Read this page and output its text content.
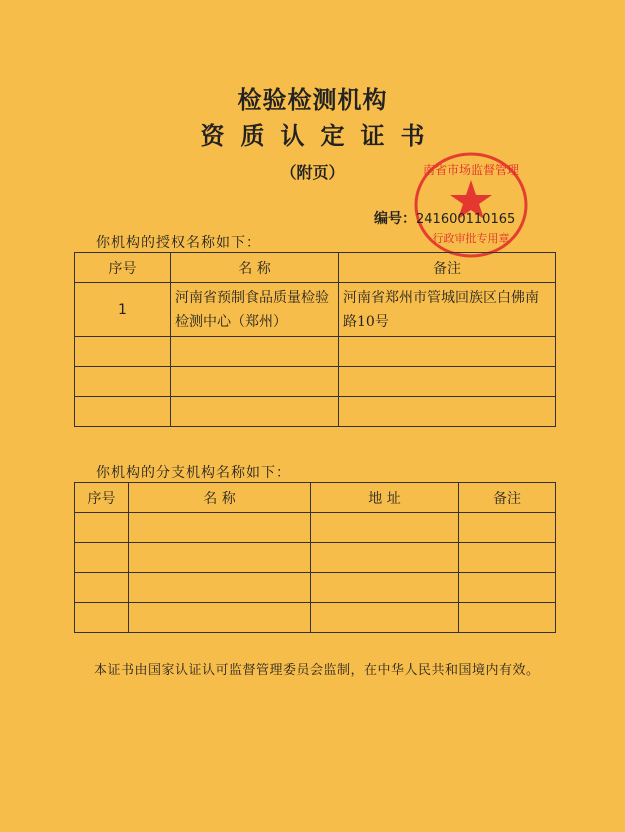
检验检测机构
资质认定证书
（附页）	南省市场监督管理
行政审批专用章
编号：241600110165
你机构的授权名称如下：
序号	名 称	备注
1	河南省预制食品质量检验检测中心（郑州）	河南省郑州市管城回族区白佛南路10号

你机构的分支机构名称如下：
序号	名 称	地 址	备注

本证书由国家认证认可监督管理委员会监制，在中华人民共和国境内有效。
